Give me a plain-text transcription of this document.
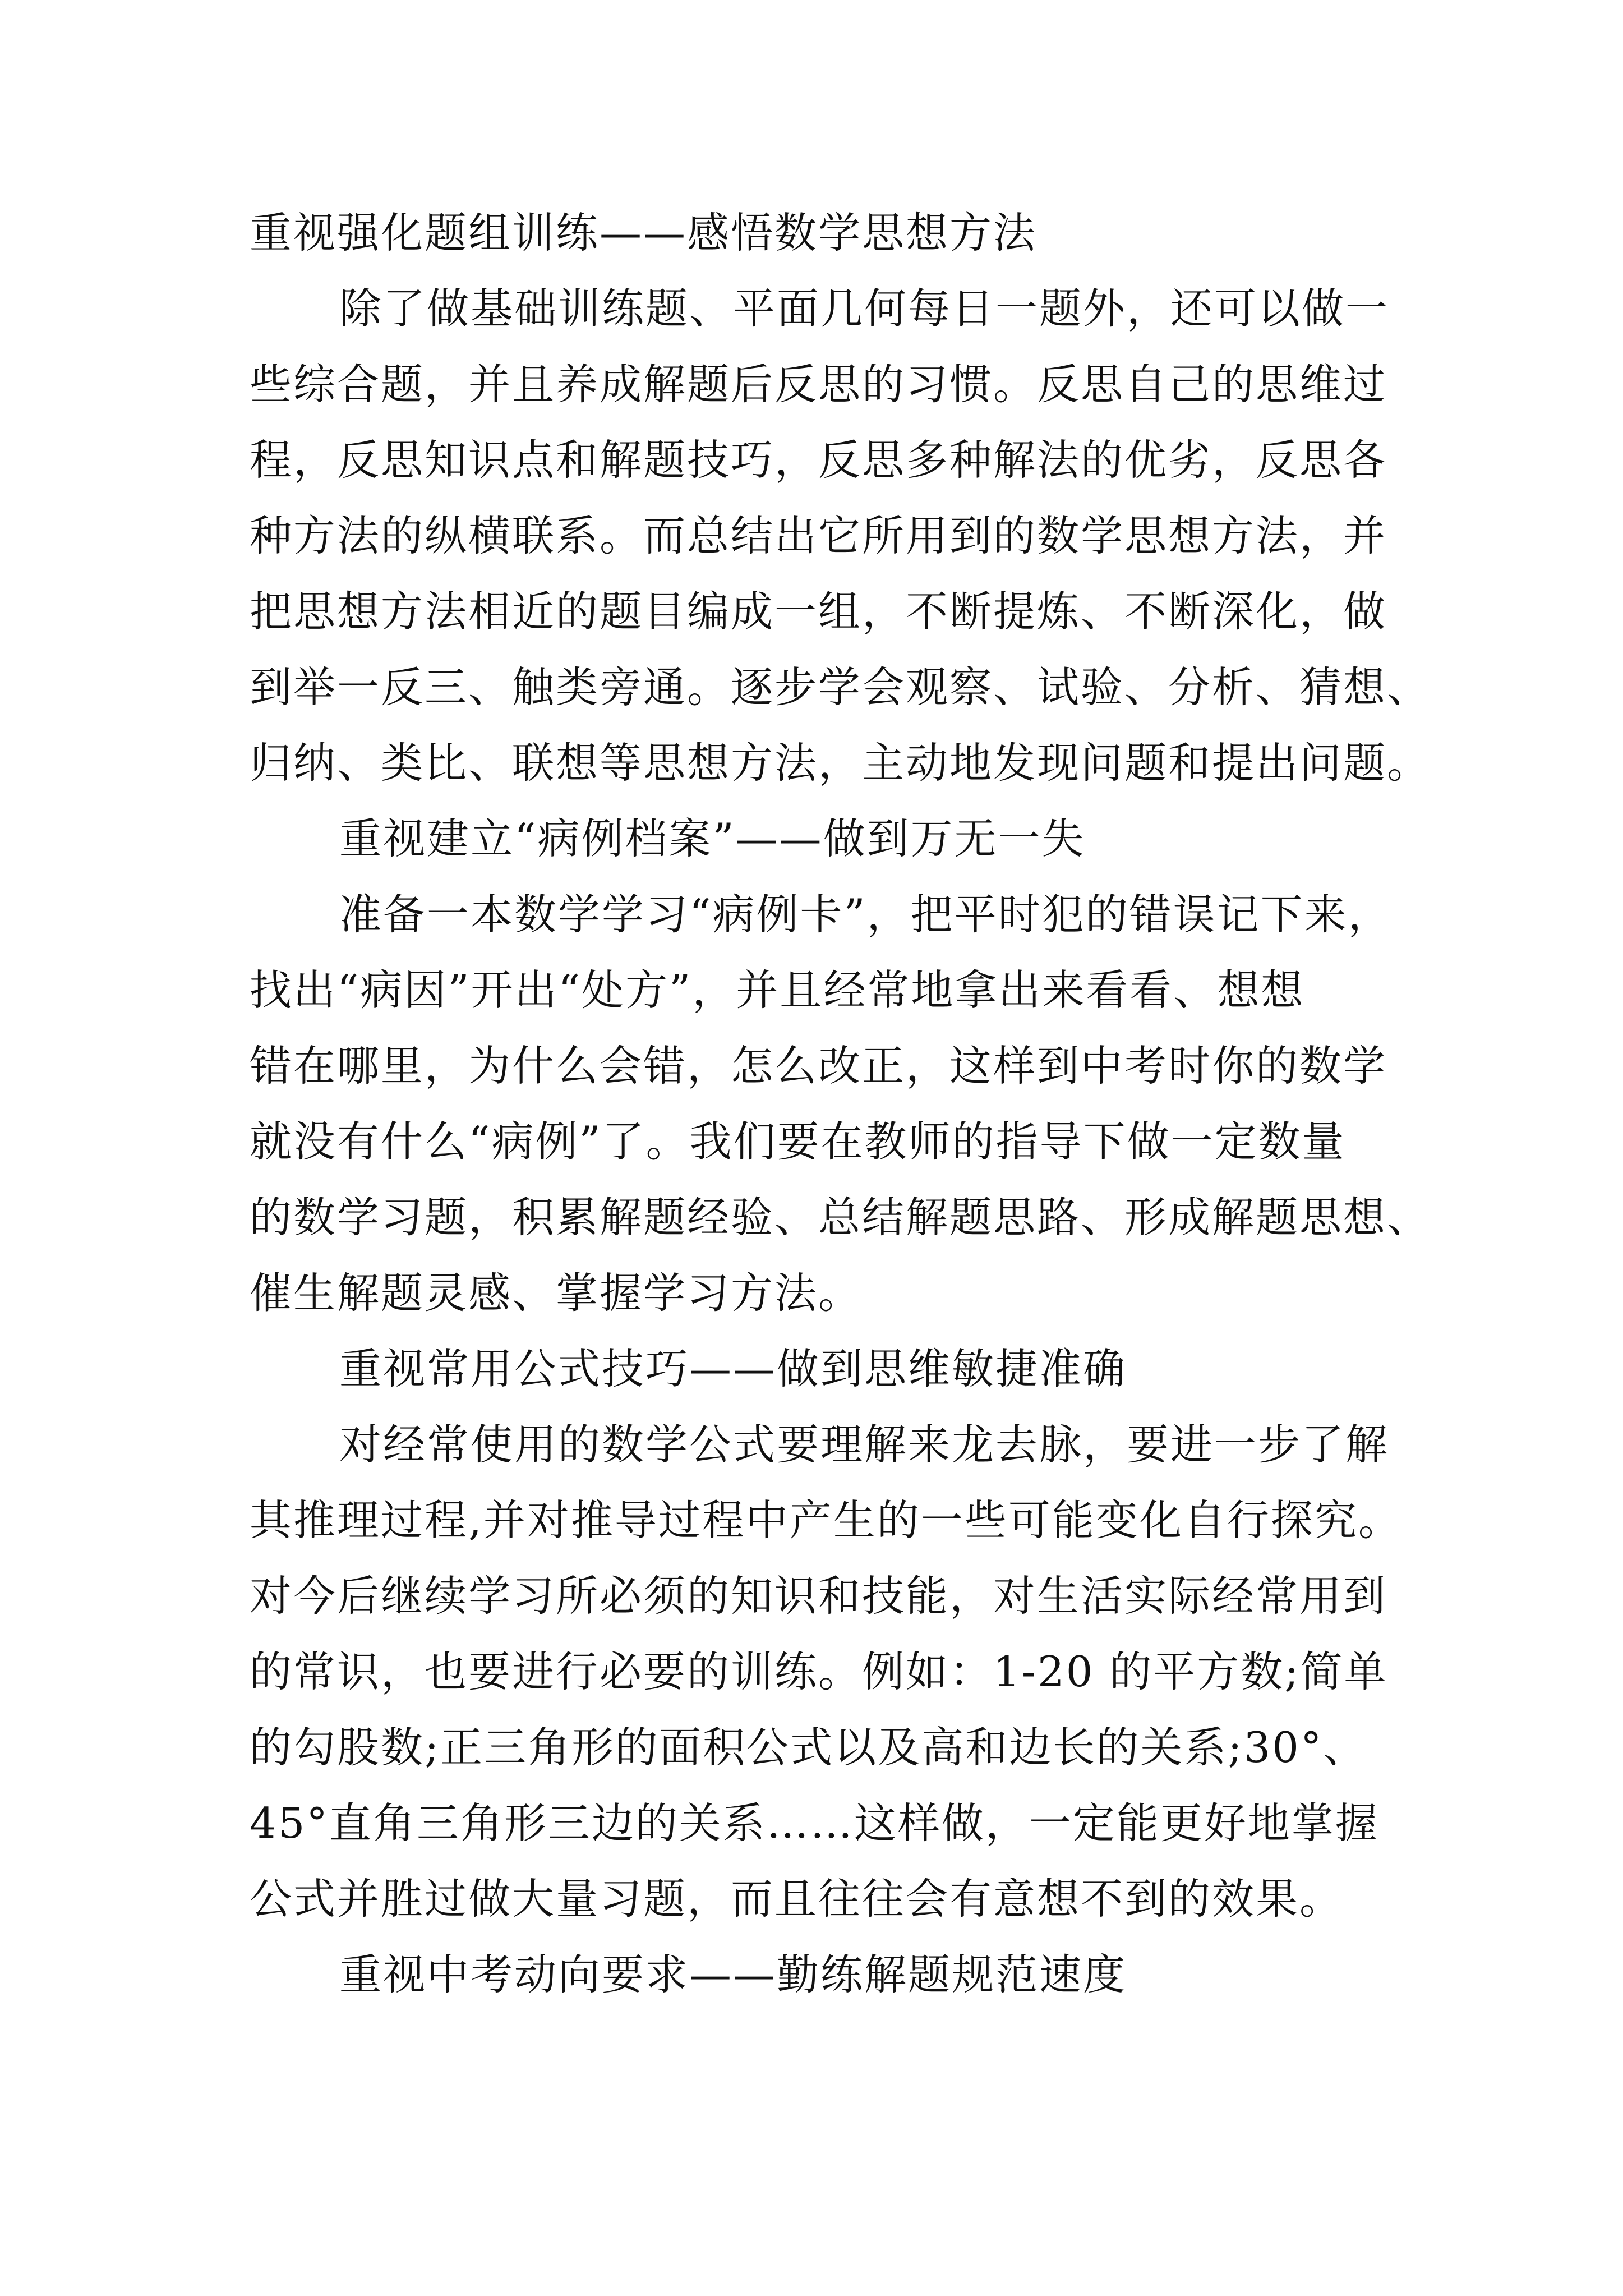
重视强化题组训练——感悟数学思想方法
除了做基础训练题、平面几何每日一题外，还可以做一
些综合题，并且养成解题后反思的习惯。反思自己的思维过
程，反思知识点和解题技巧，反思多种解法的优劣，反思各
种方法的纵横联系。而总结出它所用到的数学思想方法，并
把思想方法相近的题目编成一组，不断提炼、不断深化，做
到举一反三、触类旁通。逐步学会观察、试验、分析、猜想、
归纳、类比、联想等思想方法，主动地发现问题和提出问题。
重视建立“病例档案”——做到万无一失
准备一本数学学习“病例卡”，把平时犯的错误记下来，
找出“病因”开出“处方”，并且经常地拿出来看看、想想
错在哪里，为什么会错，怎么改正，这样到中考时你的数学
就没有什么“病例”了。我们要在教师的指导下做一定数量
的数学习题，积累解题经验、总结解题思路、形成解题思想、
催生解题灵感、掌握学习方法。
重视常用公式技巧——做到思维敏捷准确
对经常使用的数学公式要理解来龙去脉，要进一步了解
其推理过程,并对推导过程中产生的一些可能变化自行探究。
对今后继续学习所必须的知识和技能，对生活实际经常用到
的常识，也要进行必要的训练。例如：1-20 的平方数;简单
的勾股数;正三角形的面积公式以及高和边长的关系;30°、
45°直角三角形三边的关系……这样做，一定能更好地掌握
公式并胜过做大量习题，而且往往会有意想不到的效果。
重视中考动向要求——勤练解题规范速度
